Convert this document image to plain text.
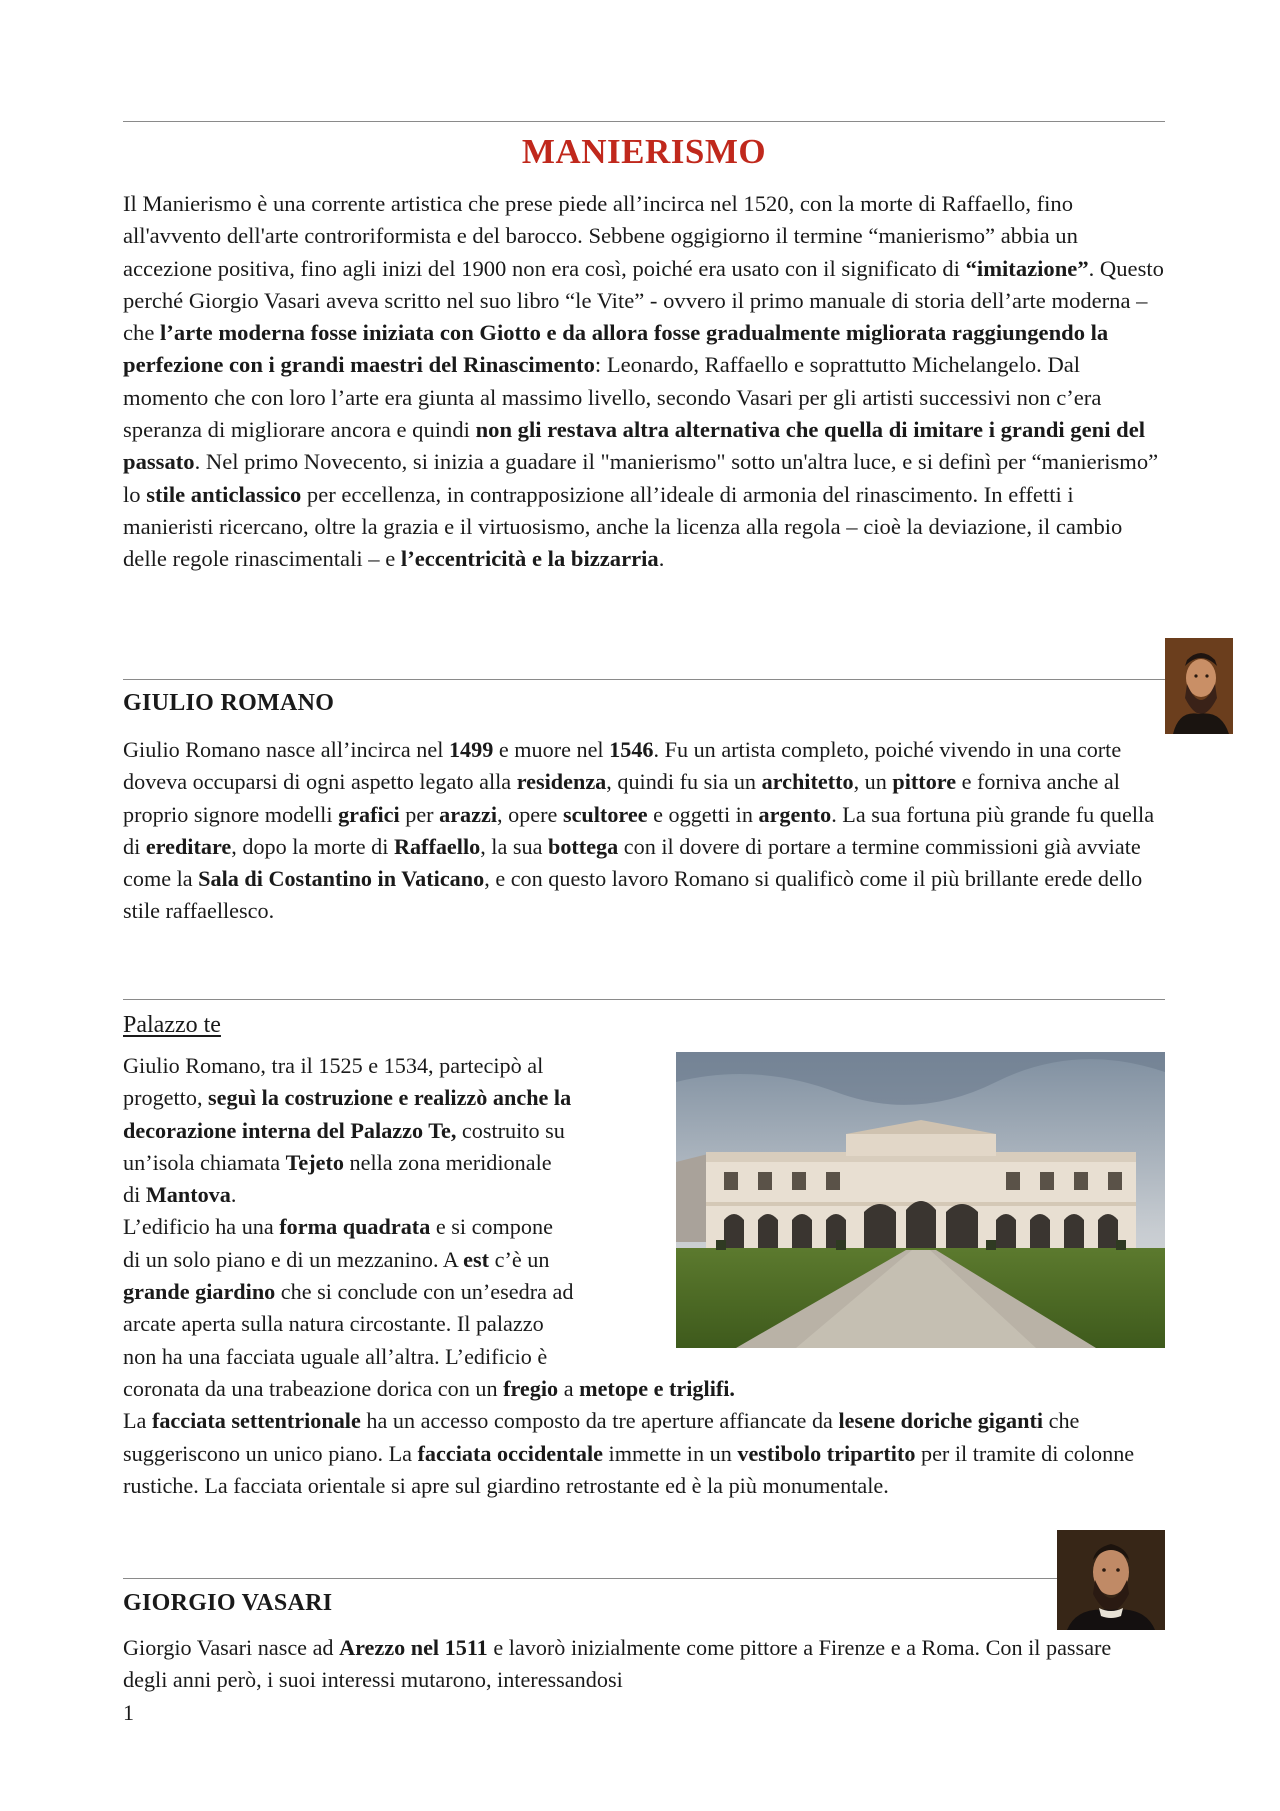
MANIERISMO

Il Manierismo è una corrente artistica che prese piede all’incirca nel 1520, con la morte di Raffaello, fino all'avvento dell'arte controriformista e del barocco. Sebbene oggigiorno il termine “manierismo” abbia un accezione positiva, fino agli inizi del 1900 non era così, poiché era usato con il significato di “imitazione”. Questo perché Giorgio Vasari aveva scritto nel suo libro “le Vite” - ovvero il primo manuale di storia dell’arte moderna – che l’arte moderna fosse iniziata con Giotto e da allora fosse gradualmente migliorata raggiungendo la perfezione con i grandi maestri del Rinascimento: Leonardo, Raffaello e soprattutto Michelangelo. Dal momento che con loro l’arte era giunta al massimo livello, secondo Vasari per gli artisti successivi non c’era speranza di migliorare ancora e quindi non gli restava altra alternativa che quella di imitare i grandi geni del passato. Nel primo Novecento, si inizia a guadare il "manierismo" sotto un'altra luce, e si definì per “manierismo” lo stile anticlassico per eccellenza, in contrapposizione all’ideale di armonia del rinascimento. In effetti i manieristi ricercano, oltre la grazia e il virtuosismo, anche la licenza alla regola – cioè la deviazione, il cambio delle regole rinascimentali – e l’eccentricità e la bizzarria.

GIULIO ROMANO

Giulio Romano nasce all’incirca nel 1499 e muore nel 1546. Fu un artista completo, poiché vivendo in una corte doveva occuparsi di ogni aspetto legato alla residenza, quindi fu sia un architetto, un pittore e forniva anche al proprio signore modelli grafici per arazzi, opere scultoree e oggetti in argento. La sua fortuna più grande fu quella di ereditare, dopo la morte di Raffaello, la sua bottega con il dovere di portare a termine commissioni già avviate come la Sala di Costantino in Vaticano, e con questo lavoro Romano si qualificò come il più brillante erede dello stile raffaellesco.

Palazzo te
Giulio Romano, tra il 1525 e 1534, partecipò al
progetto, seguì la costruzione e realizzò anche la
decorazione interna del Palazzo Te, costruito su
un’isola chiamata Tejeto nella zona meridionale
di Mantova.
L’edificio ha una forma quadrata e si compone
di un solo piano e di un mezzanino. A est c’è un
grande giardino che si conclude con un’esedra ad
arcate aperta sulla natura circostante. Il palazzo
non ha una facciata uguale all’altra. L’edificio è

coronata da una trabeazione dorica con un fregio a metope e triglifi.
La facciata settentrionale ha un accesso composto da tre aperture affiancate da lesene doriche giganti che suggeriscono un unico piano. La facciata occidentale immette in un vestibolo tripartito per il tramite di colonne rustiche. La facciata orientale si apre sul giardino retrostante ed è la più monumentale.

GIORGIO VASARI

Giorgio Vasari nasce ad Arezzo nel 1511 e lavorò inizialmente come pittore a Firenze e a Roma. Con il passare degli anni però, i suoi interessi mutarono, interessandosi

1
